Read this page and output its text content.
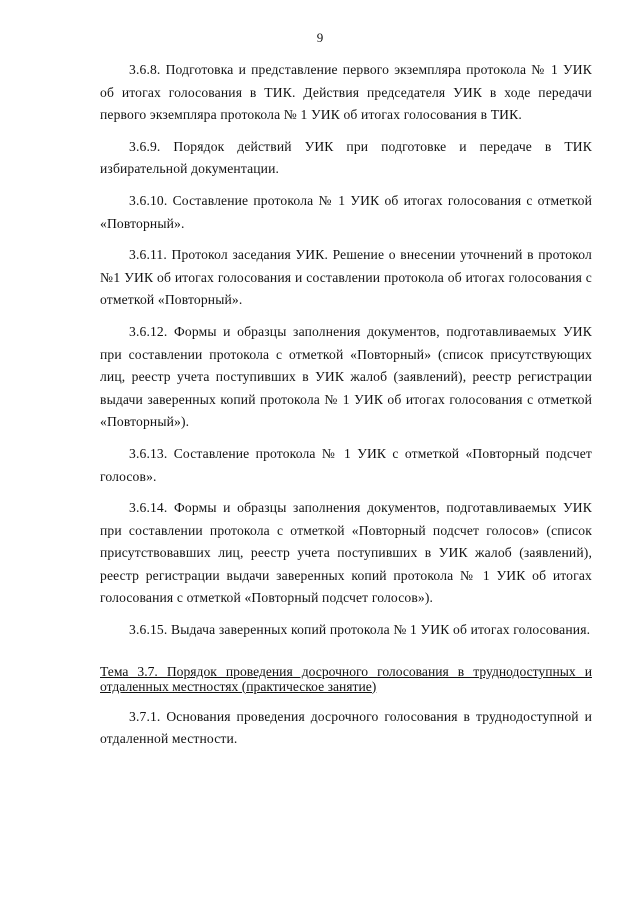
9

3.6.8. Подготовка и представление первого экземпляра протокола № 1 УИК об итогах голосования в ТИК. Действия председателя УИК в ходе передачи первого экземпляра протокола № 1 УИК об итогах голосования в ТИК.

3.6.9. Порядок действий УИК при подготовке и передаче в ТИК избирательной документации.

3.6.10. Составление протокола № 1 УИК об итогах голосования с отметкой «Повторный».

3.6.11. Протокол заседания УИК. Решение о внесении уточнений в протокол №1 УИК об итогах голосования и составлении протокола об итогах голосования с отметкой «Повторный».

3.6.12. Формы и образцы заполнения документов, подготавливаемых УИК при составлении протокола с отметкой «Повторный» (список присутствующих лиц, реестр учета поступивших в УИК жалоб (заявлений), реестр регистрации выдачи заверенных копий протокола № 1 УИК об итогах голосования с отметкой «Повторный»).

3.6.13. Составление протокола № 1 УИК с отметкой «Повторный подсчет голосов».

3.6.14. Формы и образцы заполнения документов, подготавливаемых УИК при составлении протокола с отметкой «Повторный подсчет голосов» (список присутствовавших лиц, реестр учета поступивших в УИК жалоб (заявлений), реестр регистрации выдачи заверенных копий протокола № 1 УИК об итогах голосования с отметкой «Повторный подсчет голосов»).

3.6.15. Выдача заверенных копий протокола № 1 УИК об итогах голосования.

Тема 3.7. Порядок проведения досрочного голосования в труднодоступных и отдаленных местностях (практическое занятие)

3.7.1. Основания проведения досрочного голосования в труднодоступной и отдаленной местности.
